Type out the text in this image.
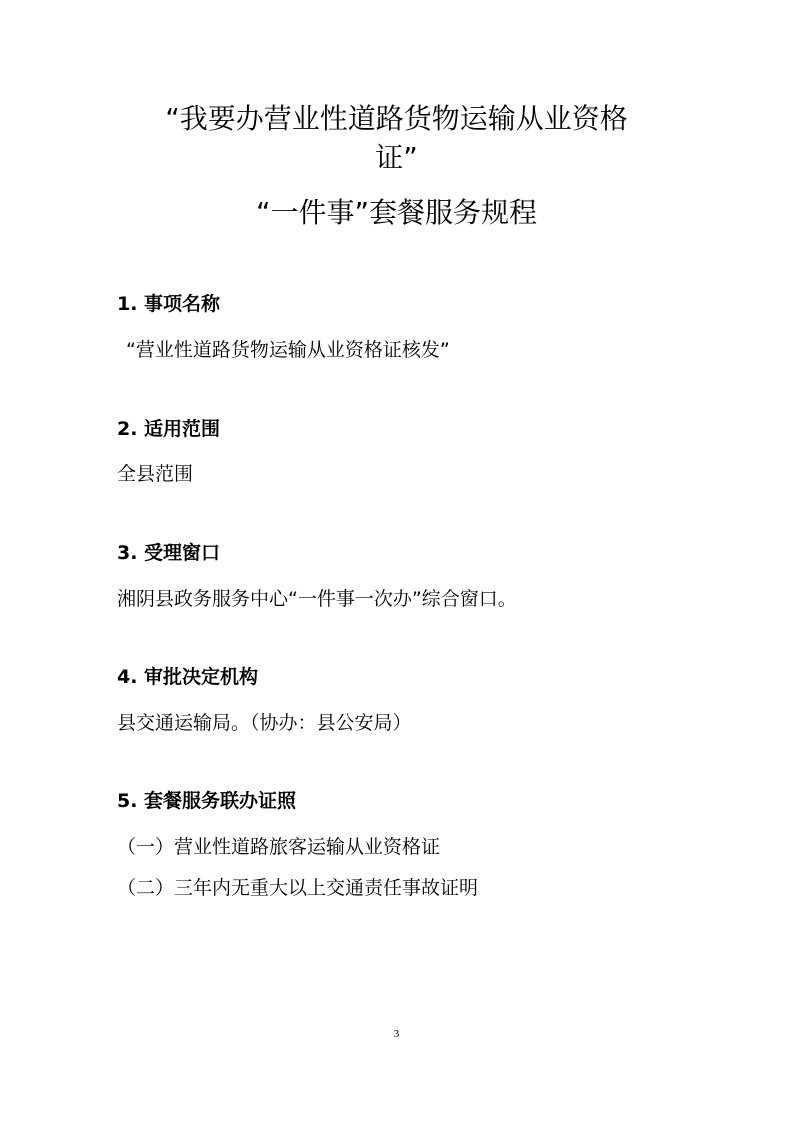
“我要办营业性道路货物运输从业资格
证”
“一件事”套餐服务规程
1. 事项名称

“营业性道路货物运输从业资格证核发”

2. 适用范围

全县范围

3. 受理窗口

湘阴县政务服务中心“一件事一次办”综合窗口。

4. 审批决定机构

县交通运输局。（协办：县公安局）

5. 套餐服务联办证照

（一）营业性道路旅客运输从业资格证

（二）三年内无重大以上交通责任事故证明

3
